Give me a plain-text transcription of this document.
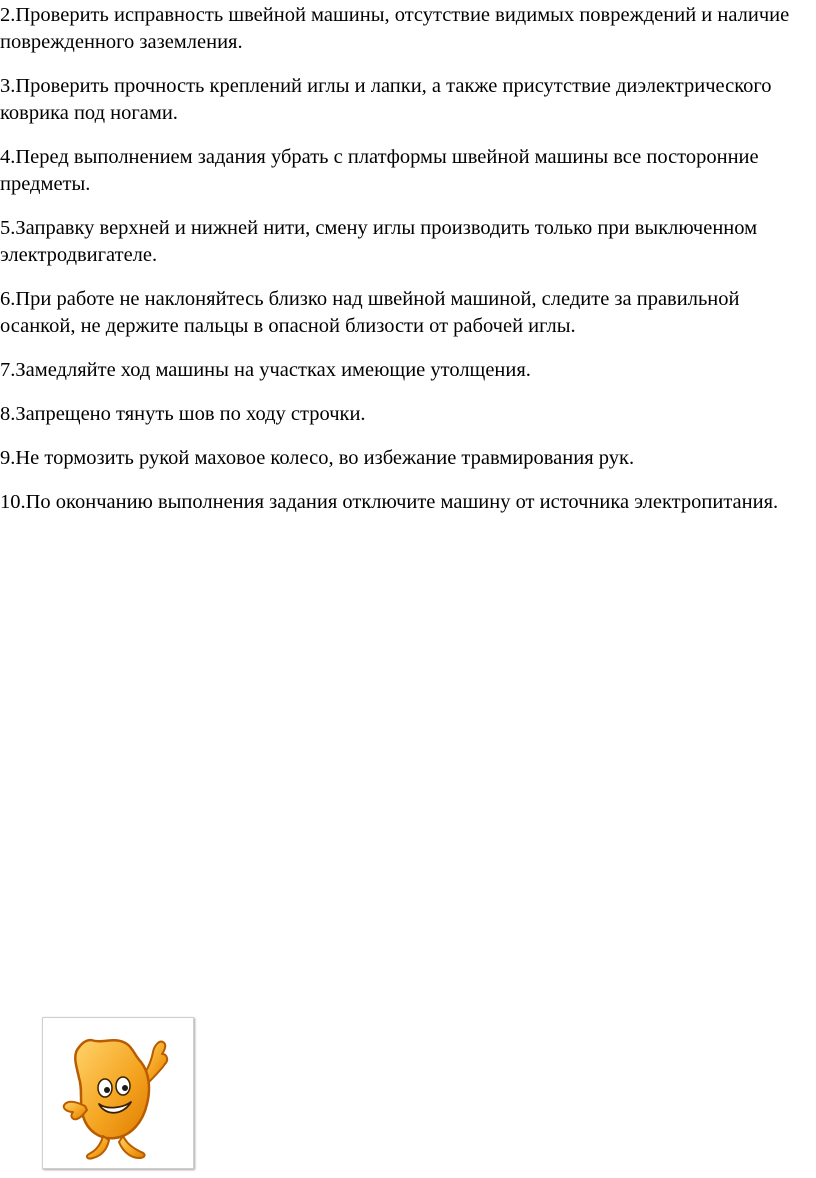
2.Проверить исправность швейной машины, отсутствие видимых повреждений и наличие поврежденного заземления.

3.Проверить прочность креплений иглы и лапки, а также присутствие диэлектрического коврика под ногами.

4.Перед выполнением задания убрать с платформы швейной машины все посторонние предметы.

5.Заправку верхней и нижней нити, смену иглы производить только при выключенном электродвигателе.

6.При работе не наклоняйтесь близко над швейной машиной, следите за правильной осанкой, не держите пальцы в опасной близости от рабочей иглы.

7.Замедляйте ход машины на участках имеющие утолщения.

8.Запрещено тянуть шов по ходу строчки.

9.Не тормозить рукой маховое колесо, во избежание травмирования рук.

10.По окончанию выполнения задания отключите машину от источника электропитания.
